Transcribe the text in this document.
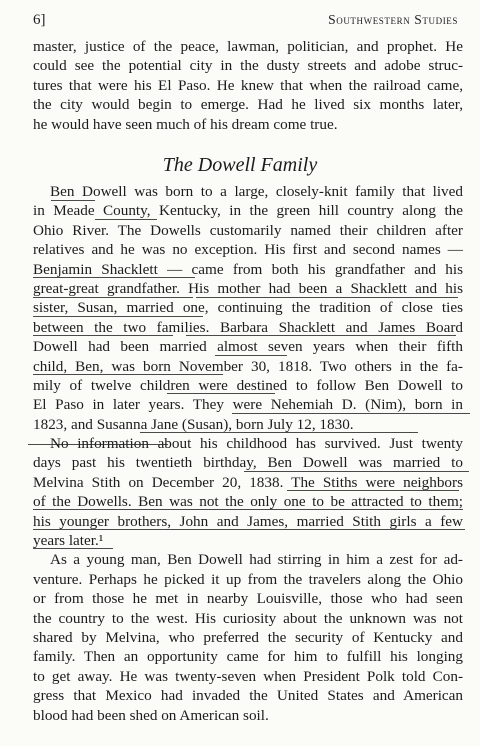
6]	Southwestern Studies
master, justice of the peace, lawman, politician, and prophet. He
could see the potential city in the dusty streets and adobe struc-
tures that were his El Paso. He knew that when the railroad came,
the city would begin to emerge. Had he lived six months later,
he would have seen much of his dream come true.
The Dowell Family
Ben Dowell was born to a large, closely-knit family that lived
in Meade County, Kentucky, in the green hill country along the
Ohio River. The Dowells customarily named their children after
relatives and he was no exception. His first and second names —
Benjamin Shacklett — came from both his grandfather and his
great-great grandfather. His mother had been a Shacklett and his
sister, Susan, married one, continuing the tradition of close ties
between the two families. Barbara Shacklett and James Board
Dowell had been married almost seven years when their fifth
child, Ben, was born November 30, 1818. Two others in the fa-
mily of twelve children were destined to follow Ben Dowell to
El Paso in later years. They were Nehemiah D. (Nim), born in
1823, and Susanna Jane (Susan), born July 12, 1830.
No information about his childhood has survived. Just twenty
days past his twentieth birthday, Ben Dowell was married to
Melvina Stith on December 20, 1838. The Stiths were neighbors
of the Dowells. Ben was not the only one to be attracted to them;
his younger brothers, John and James, married Stith girls a few
years later.¹
As a young man, Ben Dowell had stirring in him a zest for ad-
venture. Perhaps he picked it up from the travelers along the Ohio
or from those he met in nearby Louisville, those who had seen
the country to the west. His curiosity about the unknown was not
shared by Melvina, who preferred the security of Kentucky and
family. Then an opportunity came for him to fulfill his longing
to get away. He was twenty-seven when President Polk told Con-
gress that Mexico had invaded the United States and American
blood had been shed on American soil.
